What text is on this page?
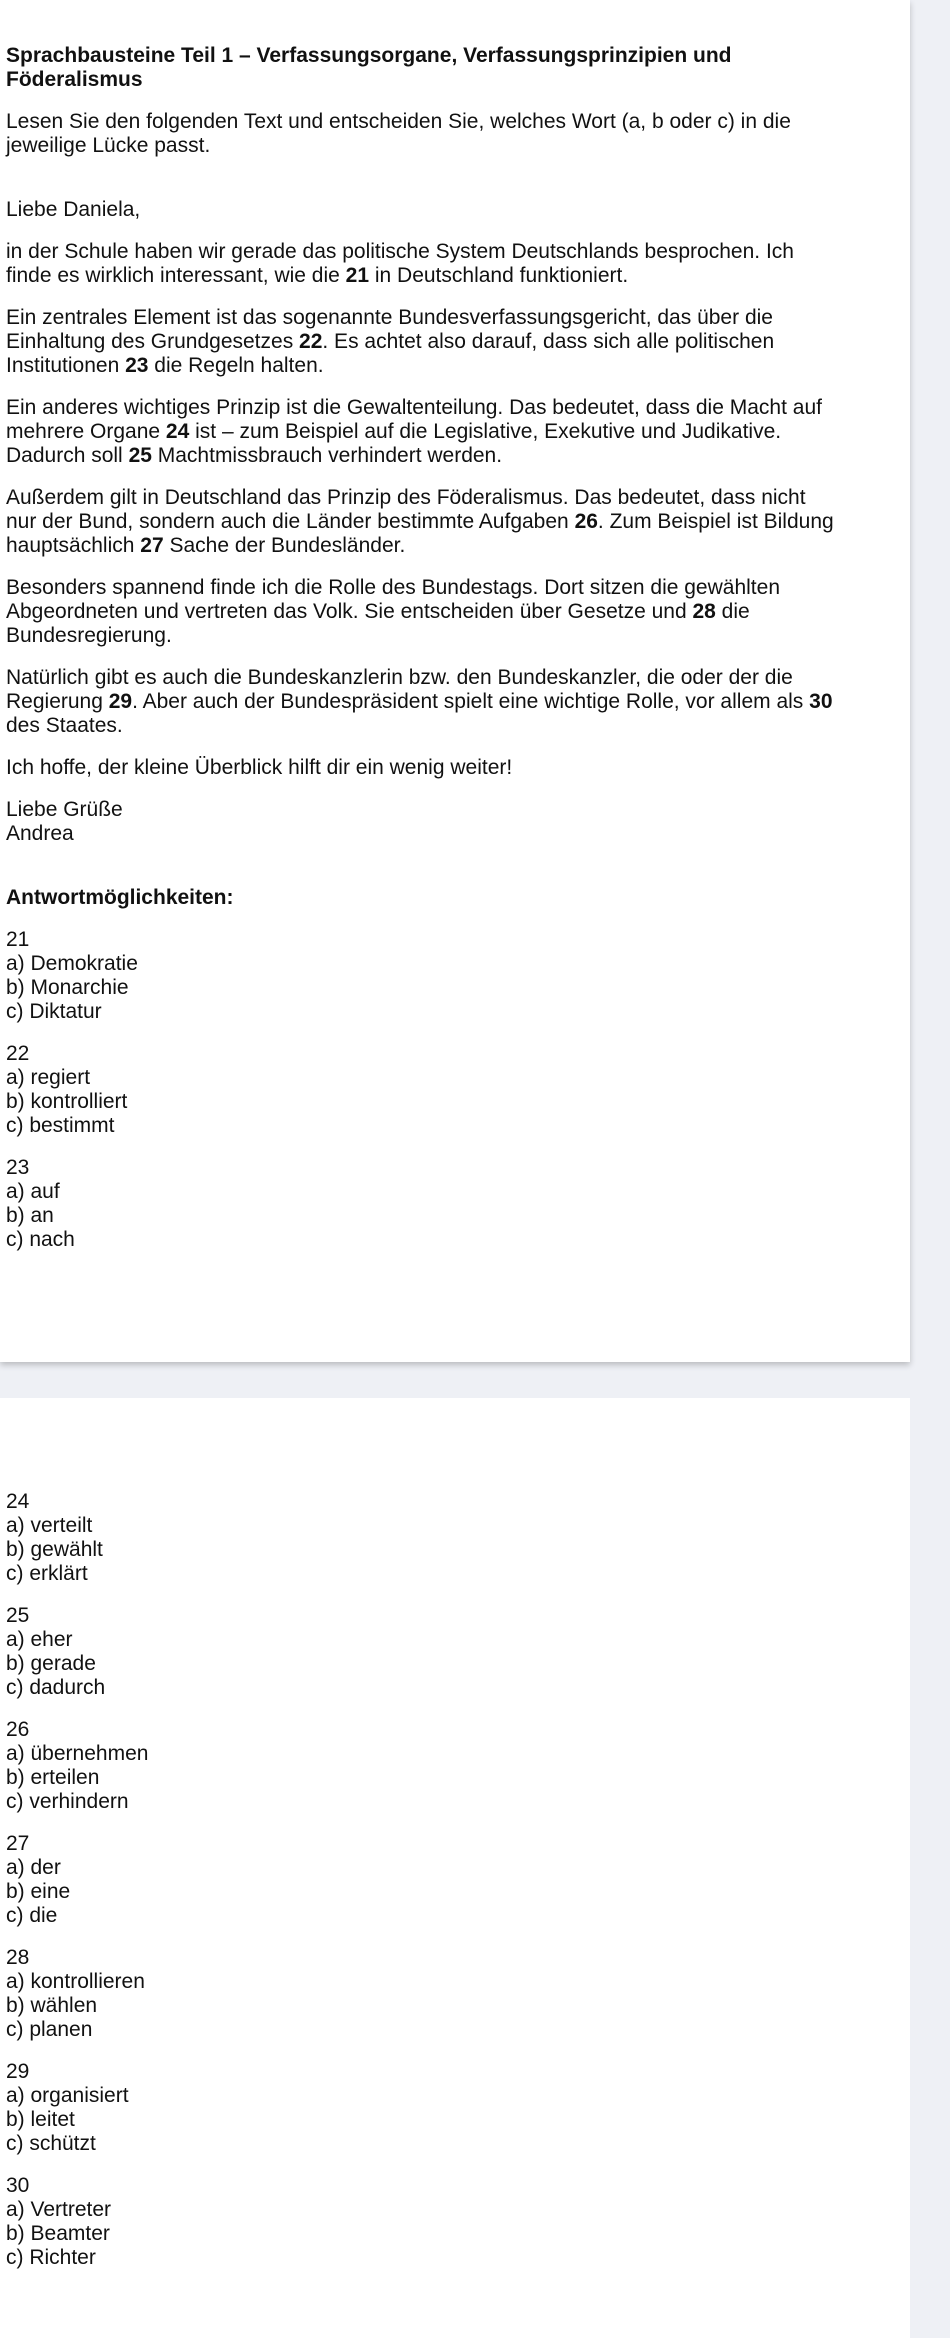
Sprachbausteine Teil 1 – Verfassungsorgane, Verfassungsprinzipien und Föderalismus

Lesen Sie den folgenden Text und entscheiden Sie, welches Wort (a, b oder c) in die jeweilige Lücke passt.

Liebe Daniela,

in der Schule haben wir gerade das politische System Deutschlands besprochen. Ich finde es wirklich interessant, wie die 21 in Deutschland funktioniert.

Ein zentrales Element ist das sogenannte Bundesverfassungsgericht, das über die Einhaltung des Grundgesetzes 22. Es achtet also darauf, dass sich alle politischen Institutionen 23 die Regeln halten.

Ein anderes wichtiges Prinzip ist die Gewaltenteilung. Das bedeutet, dass die Macht auf mehrere Organe 24 ist – zum Beispiel auf die Legislative, Exekutive und Judikative. Dadurch soll 25 Machtmissbrauch verhindert werden.

Außerdem gilt in Deutschland das Prinzip des Föderalismus. Das bedeutet, dass nicht nur der Bund, sondern auch die Länder bestimmte Aufgaben 26. Zum Beispiel ist Bildung hauptsächlich 27 Sache der Bundesländer.

Besonders spannend finde ich die Rolle des Bundestags. Dort sitzen die gewählten Abgeordneten und vertreten das Volk. Sie entscheiden über Gesetze und 28 die Bundesregierung.

Natürlich gibt es auch die Bundeskanzlerin bzw. den Bundeskanzler, die oder der die Regierung 29. Aber auch der Bundespräsident spielt eine wichtige Rolle, vor allem als 30 des Staates.

Ich hoffe, der kleine Überblick hilft dir ein wenig weiter!

Liebe Grüße
Andrea

Antwortmöglichkeiten:

21
a) Demokratie
b) Monarchie
c) Diktatur
22
a) regiert
b) kontrolliert
c) bestimmt
23
a) auf
b) an
c) nach
24
a) verteilt
b) gewählt
c) erklärt
25
a) eher
b) gerade
c) dadurch
26
a) übernehmen
b) erteilen
c) verhindern
27
a) der
b) eine
c) die
28
a) kontrollieren
b) wählen
c) planen
29
a) organisiert
b) leitet
c) schützt
30
a) Vertreter
b) Beamter
c) Richter
